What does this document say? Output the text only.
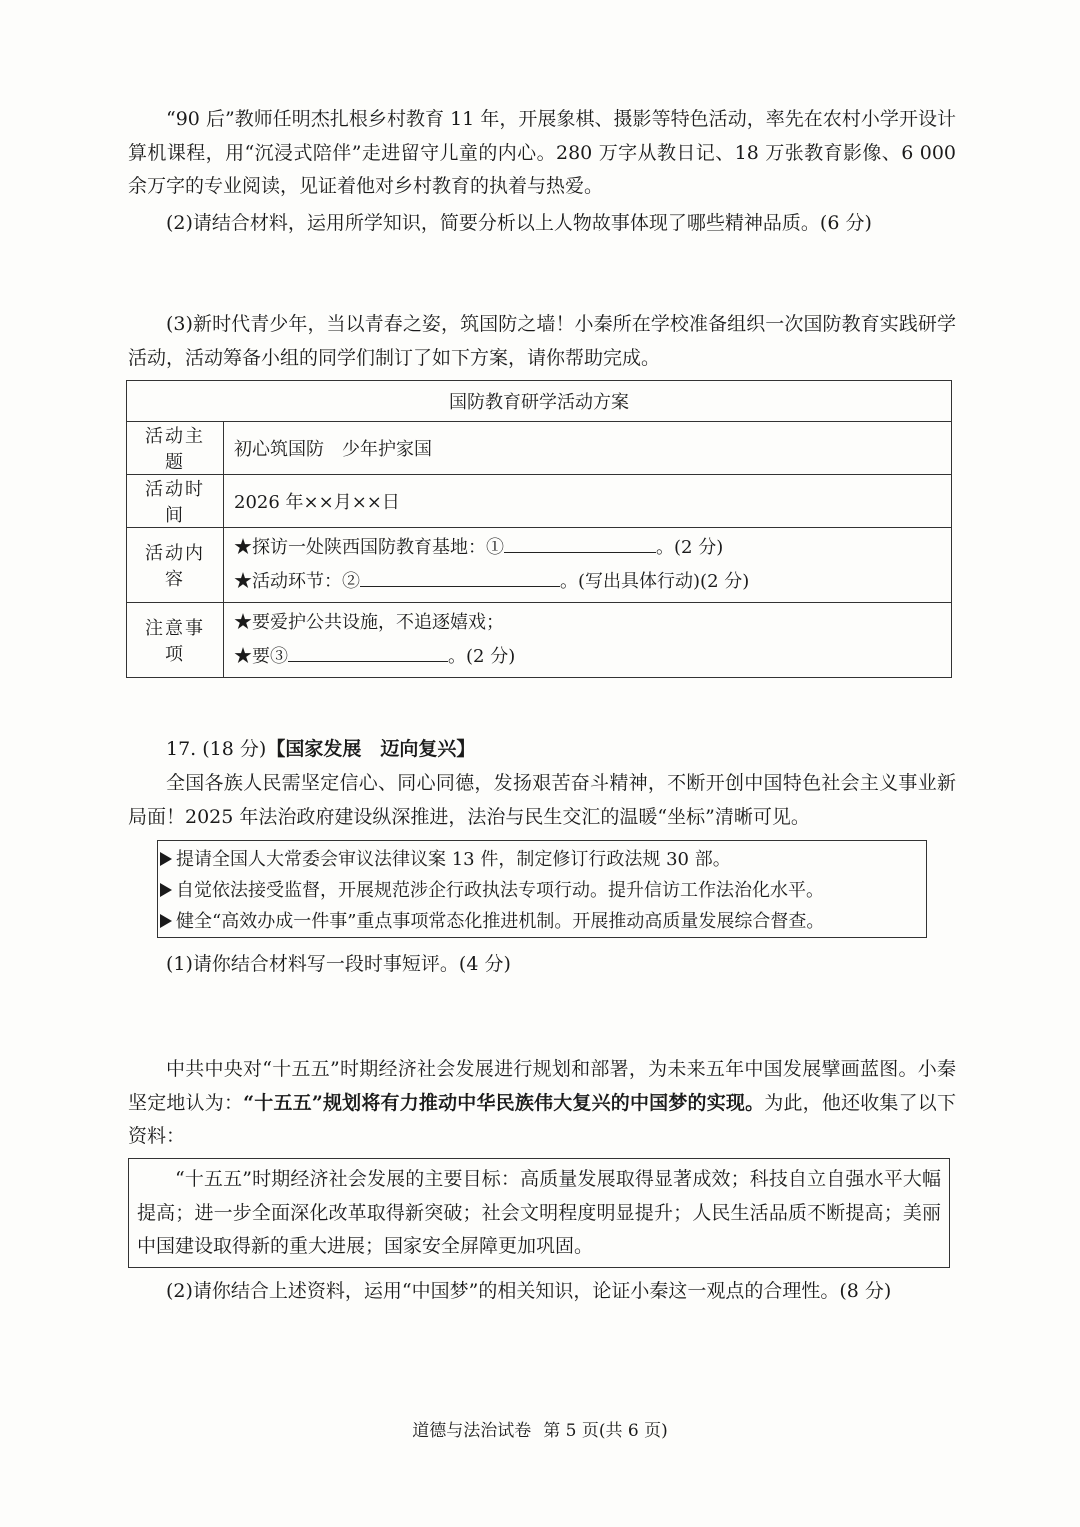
“90 后”教师任明杰扎根乡村教育 11 年，开展象棋、摄影等特色活动，率先在农村小学开设计算机课程，用“沉浸式陪伴”走进留守儿童的内心。280 万字从教日记、18 万张教育影像、6 000 余万字的专业阅读，见证着他对乡村教育的执着与热爱。

(2)请结合材料，运用所学知识，简要分析以上人物故事体现了哪些精神品质。(6 分)

(3)新时代青少年，当以青春之姿，筑国防之墙！小秦所在学校准备组织一次国防教育实践研学活动，活动筹备小组的同学们制订了如下方案，请你帮助完成。

国防教育研学活动方案	
活动主题	初心筑国防　少年护家国
活动时间	2026 年××月××日
活动内容	★探访一处陕西国防教育基地：① 。(2 分)
★活动环节：② 。(写出具体行动)(2 分)

注意事项	★要爱护公共设施，不追逐嬉戏；
★要③ 。(2 分)

17. (18 分)【国家发展　迈向复兴】

全国各族人民需坚定信心、同心同德，发扬艰苦奋斗精神，不断开创中国特色社会主义事业新局面！2025 年法治政府建设纵深推进，法治与民生交汇的温暖“坐标”清晰可见。

提请全国人大常委会审议法律议案 13 件，制定修订行政法规 30 部。
自觉依法接受监督，开展规范涉企行政执法专项行动。提升信访工作法治化水平。
健全“高效办成一件事”重点事项常态化推进机制。开展推动高质量发展综合督查。

(1)请你结合材料写一段时事短评。(4 分)

中共中央对“十五五”时期经济社会发展进行规划和部署，为未来五年中国发展擘画蓝图。小秦坚定地认为：“十五五”规划将有力推动中华民族伟大复兴的中国梦的实现。为此，他还收集了以下资料：

“十五五”时期经济社会发展的主要目标：高质量发展取得显著成效；科技自立自强水平大幅提高；进一步全面深化改革取得新突破；社会文明程度明显提升；人民生活品质不断提高；美丽中国建设取得新的重大进展；国家安全屏障更加巩固。

(2)请你结合上述资料，运用“中国梦”的相关知识，论证小秦这一观点的合理性。(8 分)

道德与法治试卷 第 5 页(共 6 页)
